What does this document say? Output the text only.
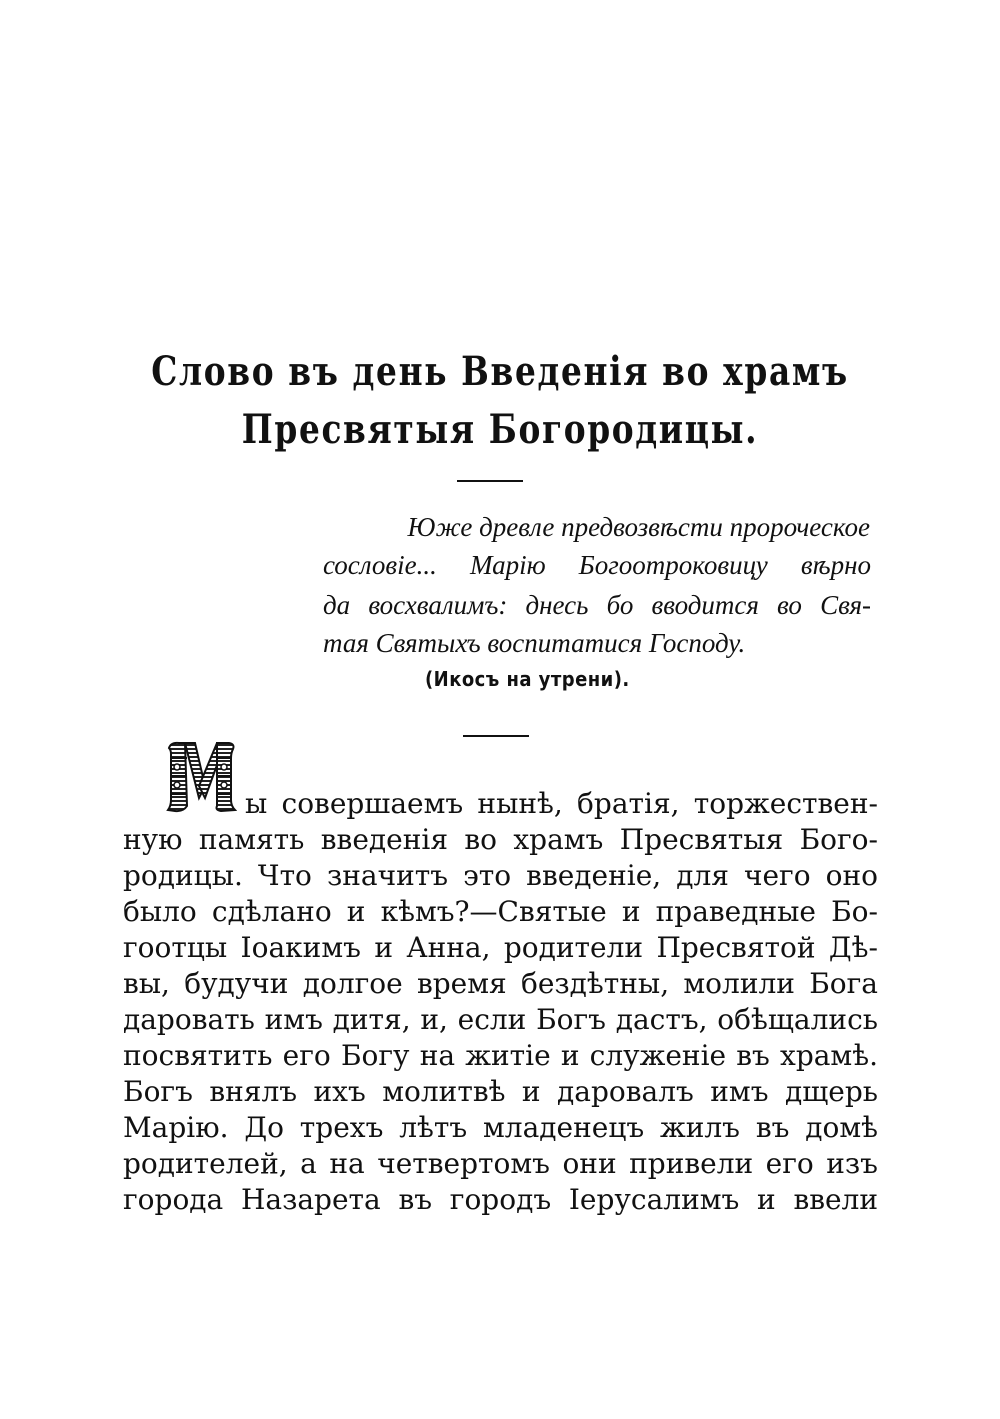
Слово въ день Введенія во храмъ
Пресвятыя Богородицы.
Юже древле предвозвѣсти пророческое
сословіе... Марію Богоотроковицу вѣрно
да восхвалимъ: днесь бо вводится во Свя-
тая Святыхъ воспитатися Господу.
(Икосъ на утрени).
ы совершаемъ нынѣ, братія, торжествен-
ную память введенія во храмъ Пресвятыя Бого-
родицы. Что значитъ это введеніе, для чего оно
было сдѣлано и кѣмъ?—Святые и праведные Бо-
гоотцы Іоакимъ и Анна, родители Пресвятой Дѣ-
вы, будучи долгое время бездѣтны, молили Бога
даровать имъ дитя, и, если Богъ дастъ, обѣщались
посвятить его Богу на житіе и служеніе въ храмѣ.
Богъ внялъ ихъ молитвѣ и даровалъ имъ дщерь
Марію. До трехъ лѣтъ младенецъ жилъ въ домѣ
родителей, а на четвертомъ они привели его изъ
города Назарета въ городъ Іерусалимъ и ввели
